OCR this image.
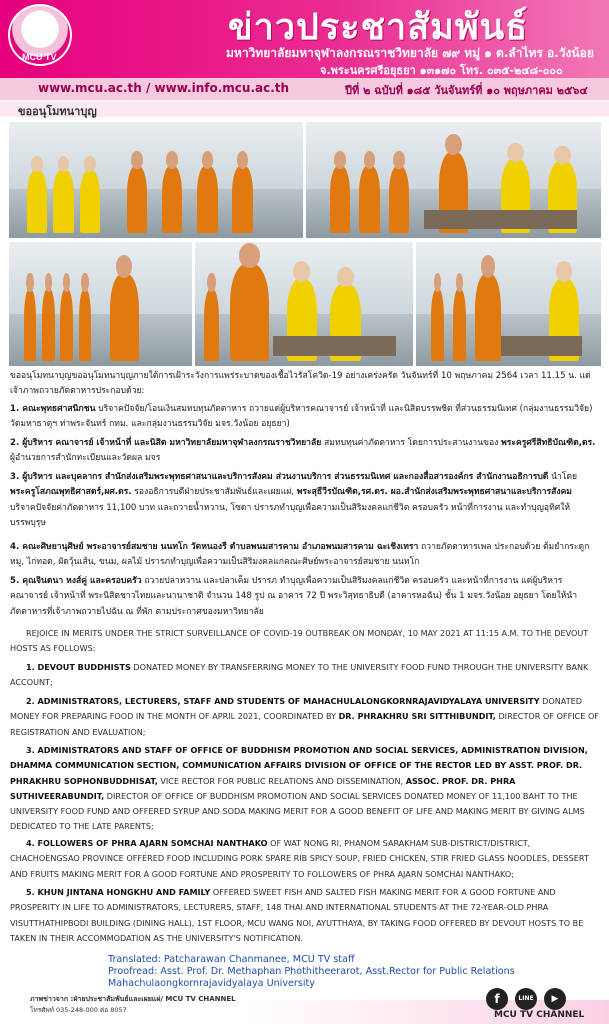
MCU TV
ข่าวประชาสัมพันธ์
มหาวิทยาลัยมหาจุฬาลงกรณราชวิทยาลัย ๗๙ หมู่ ๑ ต.ลำไทร อ.วังน้อย
จ.พระนครศรีอยุธยา ๑๓๑๗๐ โทร. ๐๓๕-๒๔๘-๐๐๐
www.mcu.ac.th / www.info.mcu.ac.th	ปีที่ ๒ ฉบับที่ ๑๘๕ วันจันทร์ที่ ๑๐ พฤษภาคม ๒๕๖๔
ขออนุโมทนาบุญ
ขออนุโมทนาบุญขออนุโมทนาบุญภายใต้การเฝ้าระวังการแพร่ระบาดของเชื้อไวรัสโควิด-19 อย่างเคร่งครัด วันจันทร์ที่ 10 พฤษภาคม 2564 เวลา 11.15 น. แด่เจ้าภาพถวายภัตตาหารประกอบด้วย:
1. คณะพุทธศาสนิกชน บริจาคปัจจัย/โอนเงินสมทบทุนภัตตาหาร ถวายแด่ผู้บริหารคณาจารย์ เจ้าหน้าที่ และนิสิตบรรพชิต ที่ส่วนธรรมนิเทศ (กลุ่มงานธรรมวิจัย) วัดมหาธาตุฯ ท่าพระจันทร์ กทม. และกลุ่มงานธรรมวิจัย มจร.วังน้อย อยุธยา)
2. ผู้บริหาร คณาจารย์ เจ้าหน้าที่ และนิสิต มหาวิทยาลัยมหาจุฬาลงกรณราชวิทยาลัย สมทบทุนค่าภัตตาหาร โดยการประสานงานของ พระครูศรีสิทธิบัณฑิต,ดร. ผู้อำนวยการสำนักทะเบียนและวัดผล มจร
3. ผู้บริหาร และบุคลากร สำนักส่งเสริมพระพุทธศาสนาและบริการสังคม ส่วนงานบริการ ส่วนธรรมนิเทศ และกองสื่อสารองค์กร สำนักงานอธิการบดี นำโดย พระครูโสภณพุทธิศาสตร์,ผศ.ดร. รองอธิการบดีฝ่ายประชาสัมพันธ์และเผยแผ่, พระสุธีวีรบัณฑิต,รศ.ดร. ผอ.สำนักส่งเสริมพระพุทธศาสนาและบริการสังคม บริจาคปัจจัยค่าภัตตาหาร 11,100 บาท และถวายน้ำหวาน, โซดา ปรารภทำบุญเพื่อความเป็นสิริมงคลแก่ชีวิต ครอบครัว หน้าที่การงาน และทำบุญอุทิศให้บรรพบุรุษ
4. คณะศิษยานุศิษย์ พระอาจารย์สมชาย นนทโก วัดหนองรี ตำบลพนมสารคาม อำเภอพนมสารคาม ฉะเชิงเทรา ถวายภัตตาหารเพล ประกอบด้วย ต้มยำกระดูกหมู, ไก่ทอด, ผัดวุ้นเส้น, ขนม, ผลไม้ ปรารภทำบุญเพื่อความเป็นสิริมงคลแก่คณะศิษย์พระอาจารย์สมชาย นนทโก
5. คุณจินตนา หงส์คู่ และครอบครัว ถวายปลาหวาน และปลาเค็ม ปรารภ ทำบุญเพื่อความเป็นสิริมงคลแก่ชีวิต ครอบครัว และหน้าที่การงาน แด่ผู้บริหาร คณาจารย์ เจ้าหน้าที่ พระนิสิตชาวไทยและนานาชาติ จำนวน 148 รูป ณ อาคาร 72 ปี พระวิสุทธาธิบดี (อาคารหอฉัน) ชั้น 1 มจร.วังน้อย อยุธยา โดยให้นำภัตตาหารที่เจ้าภาพถวายไปฉัน ณ ที่พัก ตามประกาศของมหาวิทยาลัย
REJOICE IN MERITS UNDER THE STRICT SURVEILLANCE OF COVID-19 OUTBREAK ON MONDAY, 10 MAY 2021 AT 11:15 A.M. TO THE DEVOUT HOSTS AS FOLLOWS:
1. DEVOUT BUDDHISTS DONATED MONEY BY TRANSFERRING MONEY TO THE UNIVERSITY FOOD FUND THROUGH THE UNIVERSITY BANK ACCOUNT;
2. ADMINISTRATORS, LECTURERS, STAFF AND STUDENTS OF MAHACHULALONGKORNRAJAVIDYALAYA UNIVERSITY DONATED MONEY FOR PREPARING FOOD IN THE MONTH OF APRIL 2021, COORDINATED BY DR. PHRAKHRU SRI SITTHIBUNDIT, DIRECTOR OF OFFICE OF REGISTRATION AND EVALUATION;
3. ADMINISTRATORS AND STAFF OF OFFICE OF BUDDHISM PROMOTION AND SOCIAL SERVICES, ADMINISTRATION DIVISION, DHAMMA COMMUNICATION SECTION, COMMUNICATION AFFAIRS DIVISION OF OFFICE OF THE RECTOR LED BY ASST. PROF. DR. PHRAKHRU SOPHONBUDDHISAT, VICE RECTOR FOR PUBLIC RELATIONS AND DISSEMINATION, ASSOC. PROF. DR. PHRA SUTHIVEERABUNDIT, DIRECTOR OF OFFICE OF BUDDHISM PROMOTION AND SOCIAL SERVICES DONATED MONEY OF 11,100 BAHT TO THE UNIVERSITY FOOD FUND AND OFFERED SYRUP AND SODA MAKING MERIT FOR A GOOD BENEFIT OF LIFE AND MAKING MERIT BY GIVING ALMS DEDICATED TO THE LATE PARENTS;
4. FOLLOWERS OF PHRA AJARN SOMCHAI NANTHAKO OF WAT NONG RI, PHANOM SARAKHAM SUB-DISTRICT/DISTRICT, CHACHOENGSAO PROVINCE OFFERED FOOD INCLUDING PORK SPARE RIB SPICY SOUP, FRIED CHICKEN, STIR FRIED GLASS NOODLES, DESSERT AND FRUITS MAKING MERIT FOR A GOOD FORTUNE AND PROSPERITY TO FOLLOWERS OF PHRA AJARN SOMCHAI NANTHAKO;
5. KHUN JINTANA HONGKHU AND FAMILY OFFERED SWEET FISH AND SALTED FISH MAKING MERIT FOR A GOOD FORTUNE AND PROSPERITY IN LIFE TO ADMINISTRATORS, LECTURERS, STAFF, 148 THAI AND INTERNATIONAL STUDENTS AT THE 72-YEAR-OLD PHRA VISUTTHATHIPBODI BUILDING (DINING HALL), 1ST FLOOR, MCU WANG NOI, AYUTTHAYA, BY TAKING FOOD OFFERED BY DEVOUT HOSTS TO BE TAKEN IN THEIR ACCOMMODATION AS THE UNIVERSITY'S NOTIFICATION.
Translated: Patcharawan Chanmanee, MCU TV staff
Proofread: Asst. Prof. Dr. Methaphan Phothitheerarot, Asst.Rector for Public Relations
Mahachulaongkornrajavidyalaya University
ภาพข่าวจาก :ฝ่ายประชาสัมพันธ์และเผยแผ่/ MCU TV CHANNEL
โทรศัพท์ 035-248-000 ต่อ 8057
f	LINE	▶
MCU TV CHANNEL
